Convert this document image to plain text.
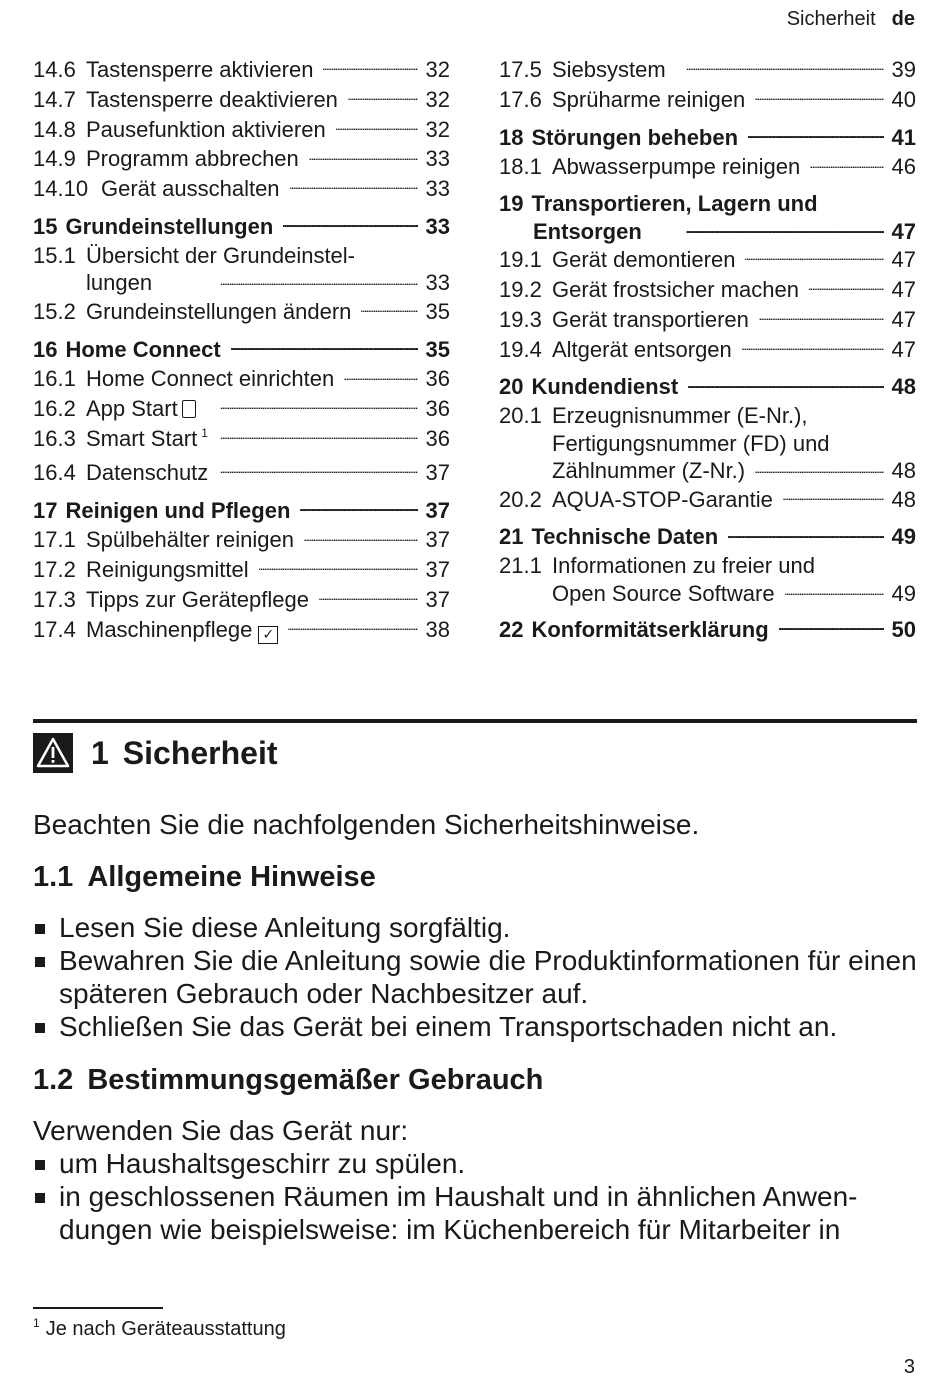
Sicherheit de
14.6 Tastensperre aktivieren . . .	32
14.7 Tastensperre deaktivieren . . .	32
14.8 Pausefunktion aktivieren . . .	32
14.9 Programm abbrechen . . .	33
14.10 Gerät ausschalten . . .	33
15 Grundeinstellungen . . .	33
15.1 Übersicht der Grundeinstel-
lungen . . .	33
15.2 Grundeinstellungen ändern . . .	35
16 Home Connect . . .	35
16.1 Home Connect einrichten . . .	36
16.2 App Start . . .	36
16.3 Smart Start 1 . . .	36
16.4 Datenschutz . . .	37
17 Reinigen und Pflegen . . .	37
17.1 Spülbehälter reinigen . . .	37
17.2 Reinigungsmittel . . .	37
17.3 Tipps zur Gerätepflege . . .	37
17.4 Maschinenpflege ✓ . . .	38
17.5 Siebsystem . . .	39
17.6 Sprüharme reinigen . . .	40
18 Störungen beheben . . .	41
18.1 Abwasserpumpe reinigen . . .	46
19 Transportieren, Lagern und
Entsorgen . . .	47
19.1 Gerät demontieren . . .	47
19.2 Gerät frostsicher machen . . .	47
19.3 Gerät transportieren . . .	47
19.4 Altgerät entsorgen . . .	47
20 Kundendienst . . .	48
20.1 Erzeugnisnummer (E-Nr.),
Fertigungsnummer (FD) und
Zählnummer (Z-Nr.) . . .	48
20.2 AQUA-STOP-Garantie . . .	48
21 Technische Daten . . .	49
21.1 Informationen zu freier und
Open Source Software . . .	49
22 Konformitätserklärung . . .	50
1 Sicherheit
Beachten Sie die nachfolgenden Sicherheitshinweise.
1.1 Allgemeine Hinweise
Lesen Sie diese Anleitung sorgfältig.
Bewahren Sie die Anleitung sowie die Produktinformationen für einen späteren Gebrauch oder Nachbesitzer auf.
Schließen Sie das Gerät bei einem Transportschaden nicht an.
1.2 Bestimmungsgemäßer Gebrauch
Verwenden Sie das Gerät nur:
um Haushaltsgeschirr zu spülen.
in geschlossenen Räumen im Haushalt und in ähnlichen Anwen-dungen wie beispielsweise: im Küchenbereich für Mitarbeiter in
$^1$ Je nach Geräteausstattung
3
